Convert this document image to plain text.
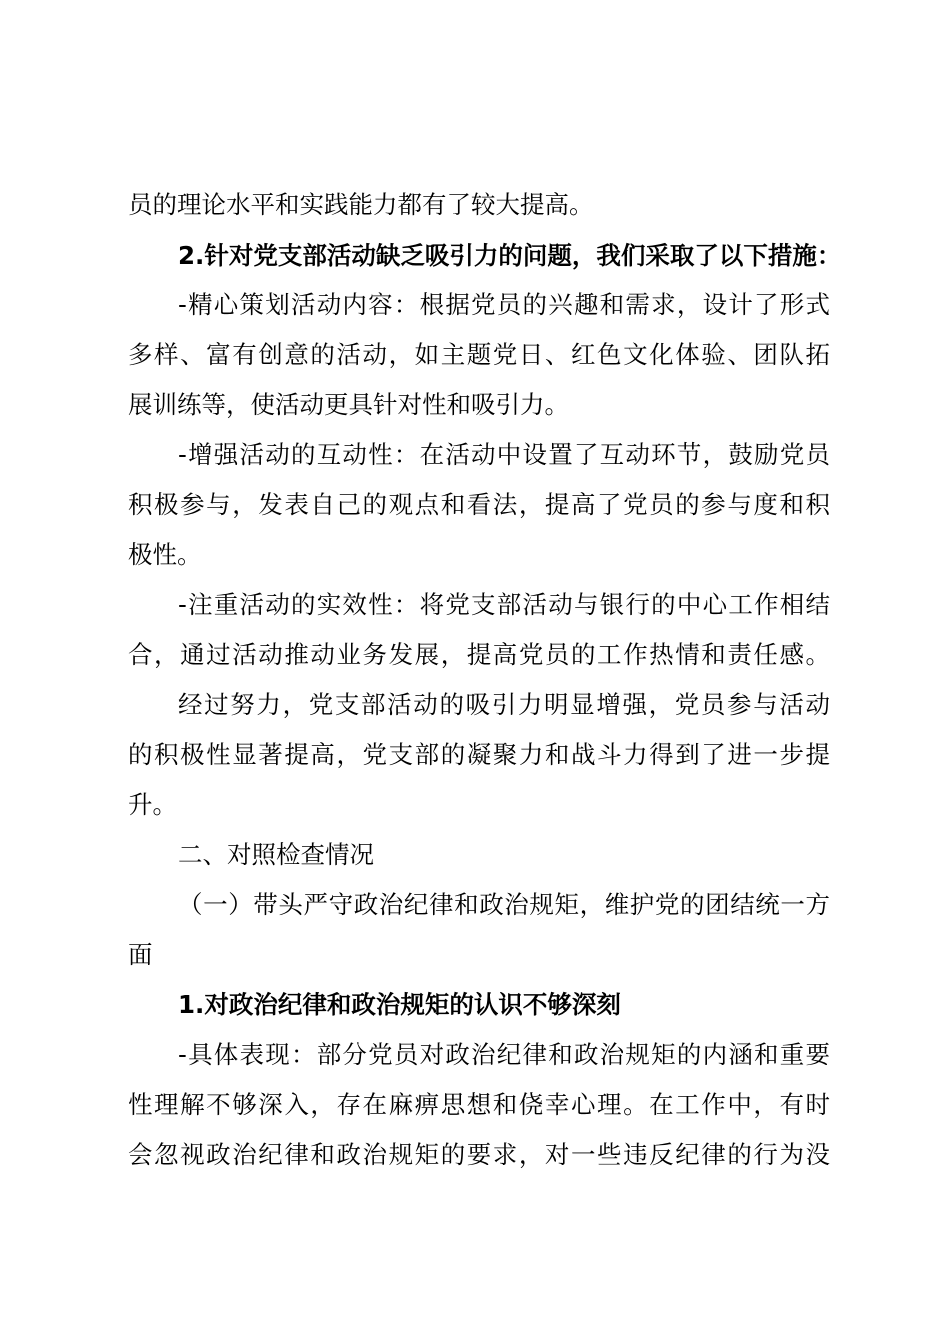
员的理论水平和实践能力都有了较大提高。
2.针对党支部活动缺乏吸引力的问题，我们采取了以下措施：
-精心策划活动内容：根据党员的兴趣和需求，设计了形式
多样、富有创意的活动，如主题党日、红色文化体验、团队拓
展训练等，使活动更具针对性和吸引力。
-增强活动的互动性：在活动中设置了互动环节，鼓励党员
积极参与，发表自己的观点和看法，提高了党员的参与度和积
极性。
-注重活动的实效性：将党支部活动与银行的中心工作相结
合，通过活动推动业务发展，提高党员的工作热情和责任感。
经过努力，党支部活动的吸引力明显增强，党员参与活动
的积极性显著提高，党支部的凝聚力和战斗力得到了进一步提
升。
二、对照检查情况
（一）带头严守政治纪律和政治规矩，维护党的团结统一方
面
1.对政治纪律和政治规矩的认识不够深刻
-具体表现：部分党员对政治纪律和政治规矩的内涵和重要
性理解不够深入，存在麻痹思想和侥幸心理。在工作中，有时
会忽视政治纪律和政治规矩的要求，对一些违反纪律的行为没
